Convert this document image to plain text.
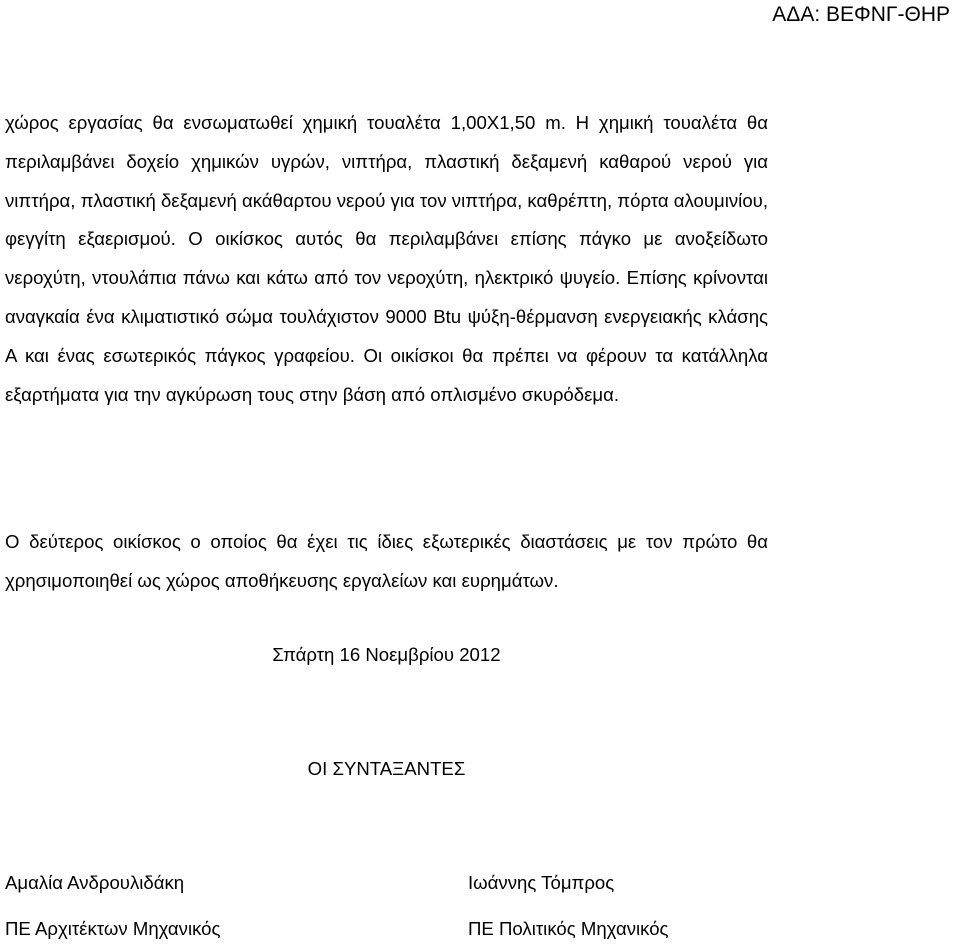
ΑΔΑ: ΒΕΦΝΓ-ΘΗΡ

χώρος εργασίας θα ενσωματωθεί χημική τουαλέτα 1,00Χ1,50 m. Η χημική τουαλέτα θα περιλαμβάνει δοχείο χημικών υγρών, νιπτήρα, πλαστική δεξαμενή καθαρού νερού για νιπτήρα, πλαστική δεξαμενή ακάθαρτου νερού για τον νιπτήρα, καθρέπτη, πόρτα αλουμινίου, φεγγίτη εξαερισμού. Ο οικίσκος αυτός θα περιλαμβάνει επίσης πάγκο με ανοξείδωτο νεροχύτη, ντουλάπια πάνω και κάτω από τον νεροχύτη, ηλεκτρικό ψυγείο. Επίσης κρίνονται αναγκαία ένα κλιματιστικό σώμα τουλάχιστον 9000 Btu ψύξη-θέρμανση ενεργειακής κλάσης Α και ένας εσωτερικός πάγκος γραφείου. Οι οικίσκοι θα πρέπει να φέρουν τα κατάλληλα εξαρτήματα για την αγκύρωση τους στην βάση από οπλισμένο σκυρόδεμα.

Ο δεύτερος οικίσκος ο οποίος θα έχει τις ίδιες εξωτερικές διαστάσεις με τον πρώτο θα χρησιμοποιηθεί ως χώρος αποθήκευσης εργαλείων και ευρημάτων.

Σπάρτη 16 Νοεμβρίου 2012
ΟΙ ΣΥΝΤΑΞΑΝΤΕΣ
Αμαλία Ανδρουλιδάκη
ΠΕ Αρχιτέκτων Μηχανικός
Ιωάννης Τόμπρος
ΠΕ Πολιτικός Μηχανικός
